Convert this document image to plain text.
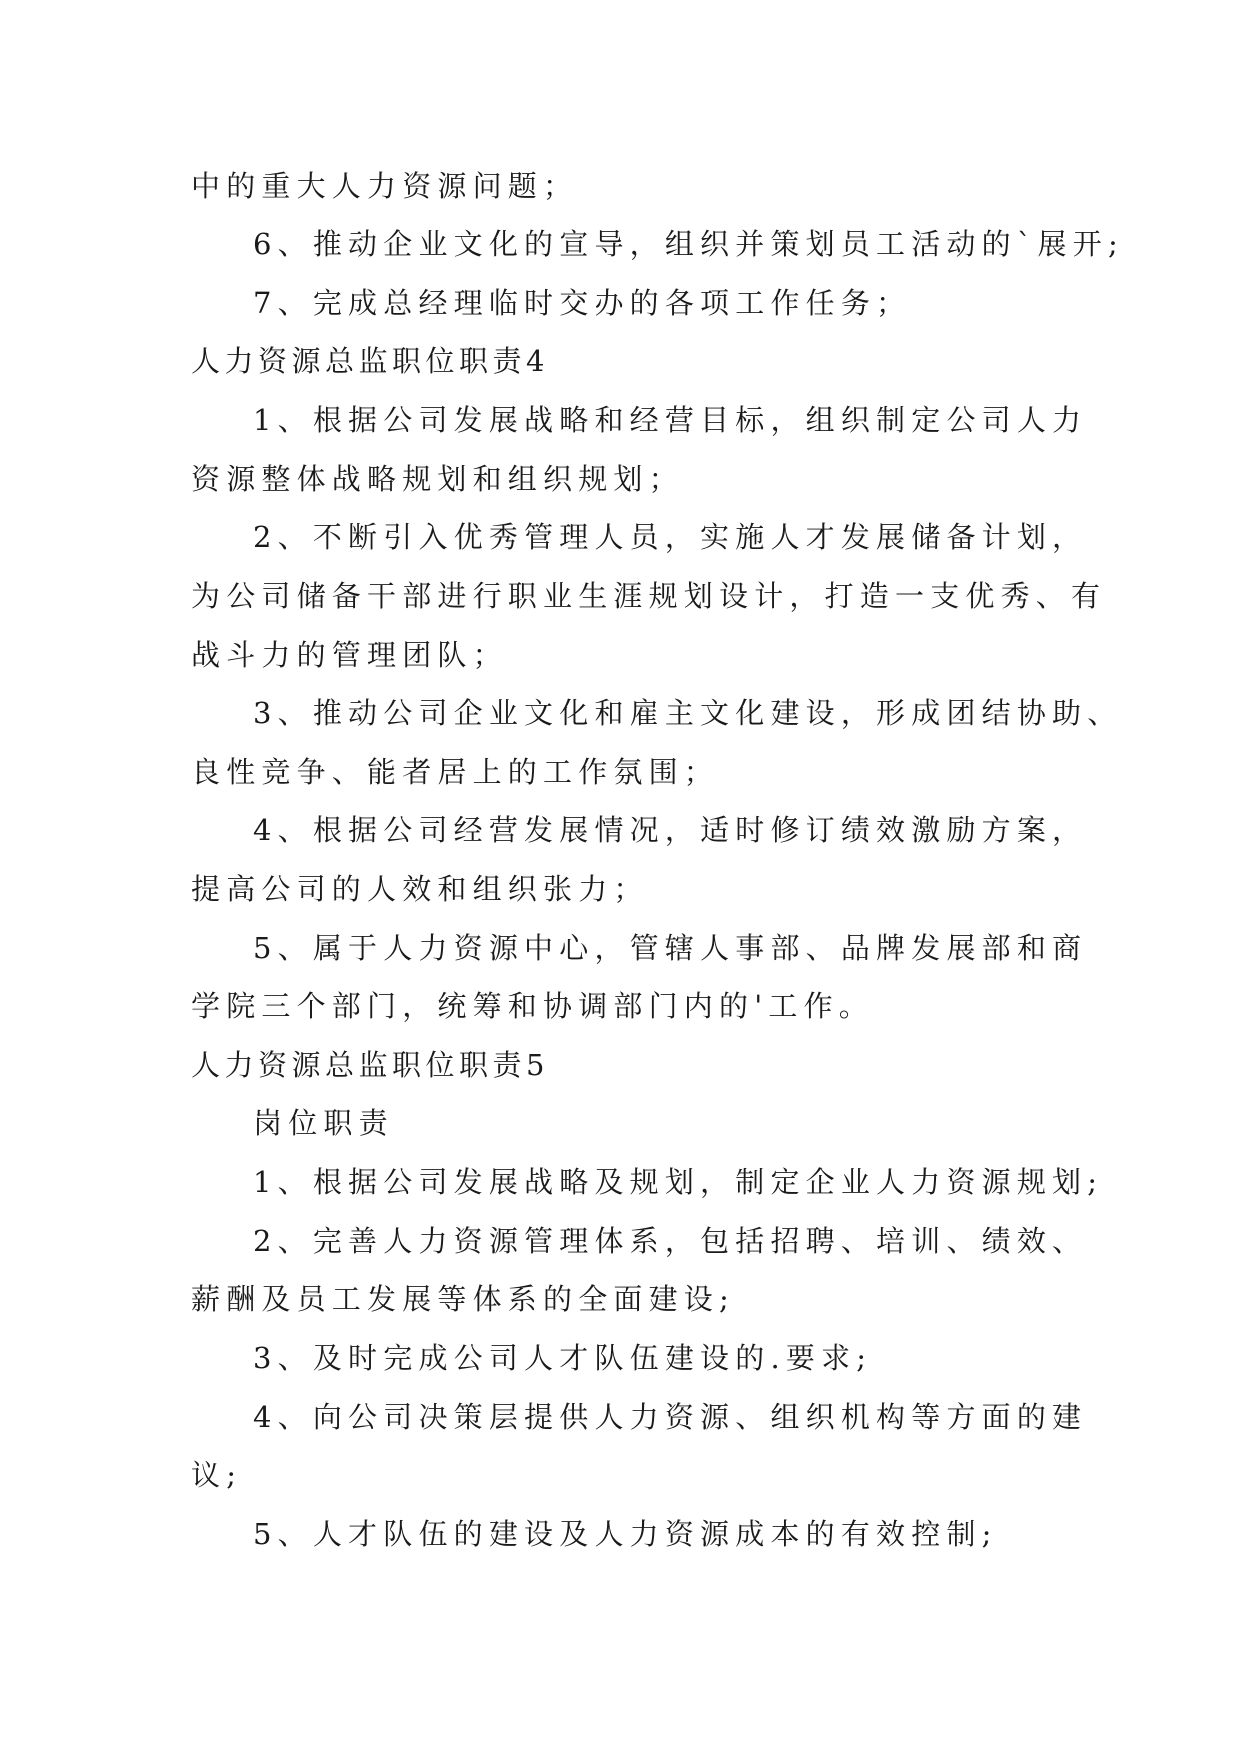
中的重大人力资源问题；
6、推动企业文化的宣导，组织并策划员工活动的`展开;
7、完成总经理临时交办的各项工作任务；
人力资源总监职位职责4
1、根据公司发展战略和经营目标，组织制定公司人力
资源整体战略规划和组织规划；
2、不断引入优秀管理人员，实施人才发展储备计划，
为公司储备干部进行职业生涯规划设计，打造一支优秀、有
战斗力的管理团队；
3、推动公司企业文化和雇主文化建设，形成团结协助、
良性竞争、能者居上的工作氛围；
4、根据公司经营发展情况，适时修订绩效激励方案，
提高公司的人效和组织张力；
5、属于人力资源中心，管辖人事部、品牌发展部和商
学院三个部门，统筹和协调部门内的'工作。
人力资源总监职位职责5
岗位职责
1、根据公司发展战略及规划，制定企业人力资源规划;
2、完善人力资源管理体系，包括招聘、培训、绩效、
薪酬及员工发展等体系的全面建设;
3、及时完成公司人才队伍建设的.要求;
4、向公司决策层提供人力资源、组织机构等方面的建
议;
5、人才队伍的建设及人力资源成本的有效控制;
